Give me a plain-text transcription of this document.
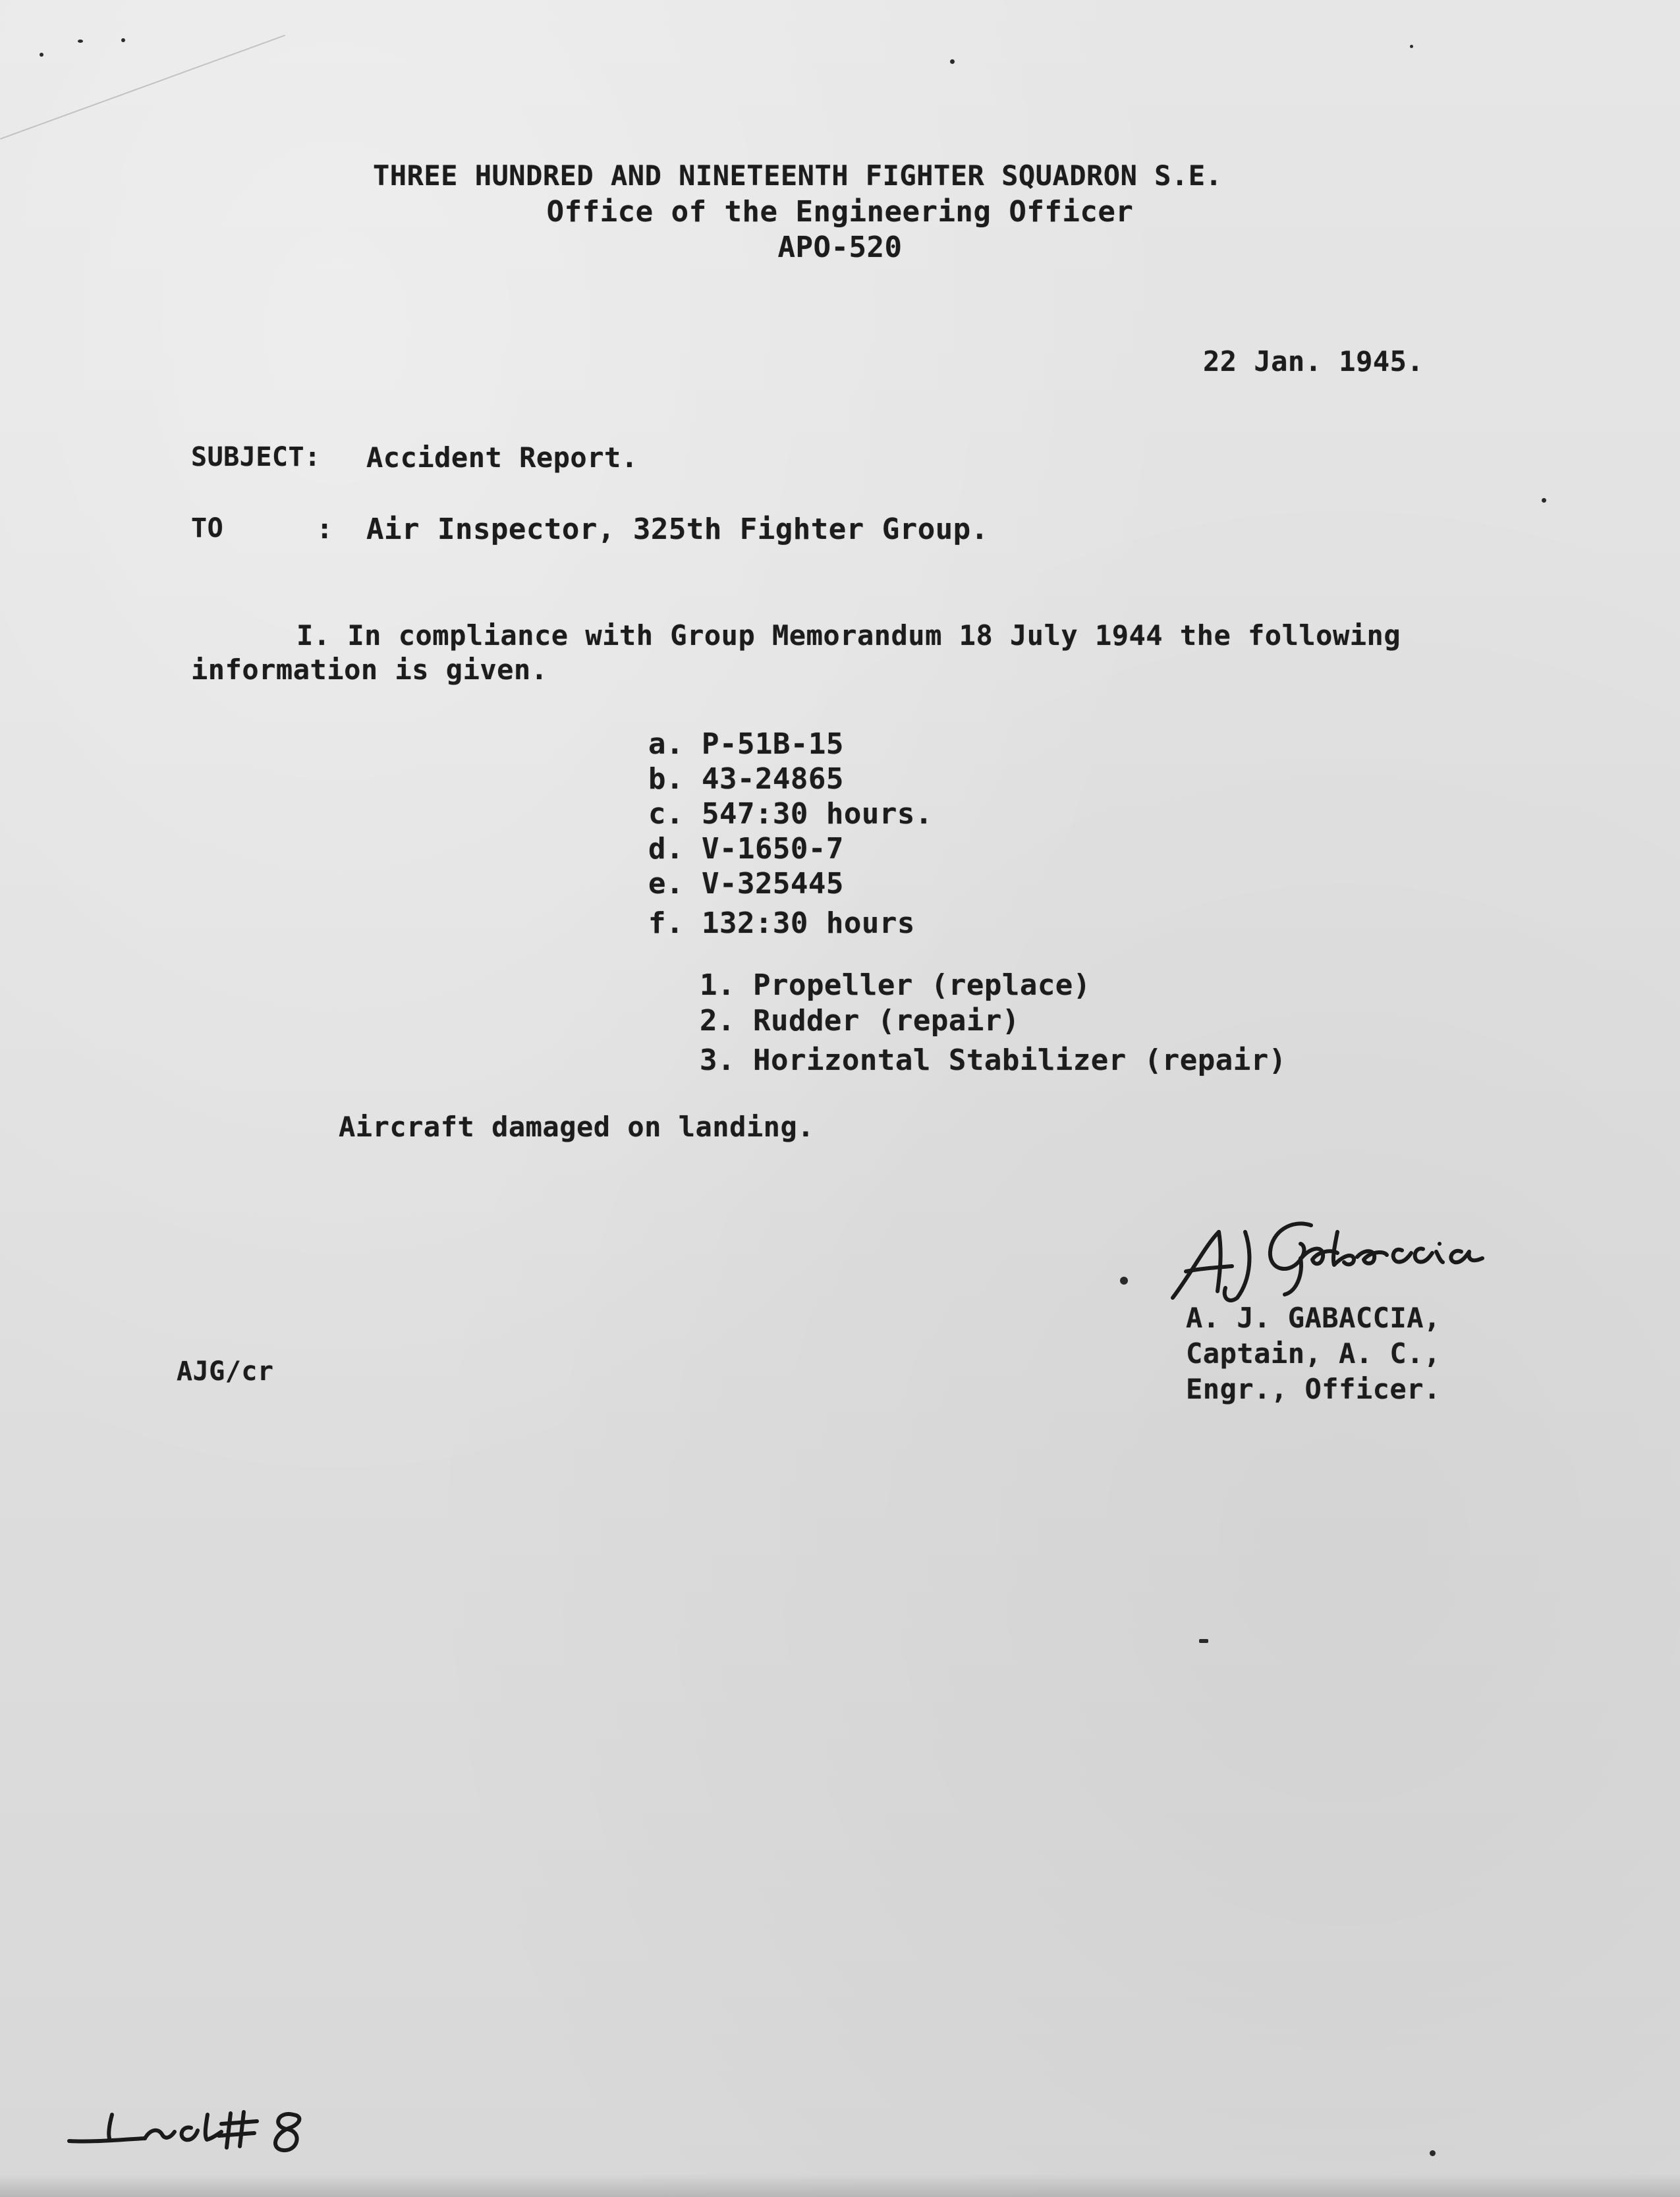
THREE HUNDRED AND NINETEENTH FIGHTER SQUADRON S.E.
Office of the Engineering Officer
APO-520
22 Jan. 1945.
SUBJECT: Accident Report.
TO	: Air Inspector, 325th Fighter Group.
I. In compliance with Group Memorandum 18 July 1944 the following
information is given.
a. P-51B-15
b. 43-24865
c. 547:30 hours.
d. V-1650-7
e. V-325445
f. 132:30 hours
1. Propeller (replace)
2. Rudder (repair)
3. Horizontal Stabilizer (repair)
Aircraft damaged on landing.
A. J. GABACCIA,
Captain, A. C.,
Engr., Officer.
AJG/cr
